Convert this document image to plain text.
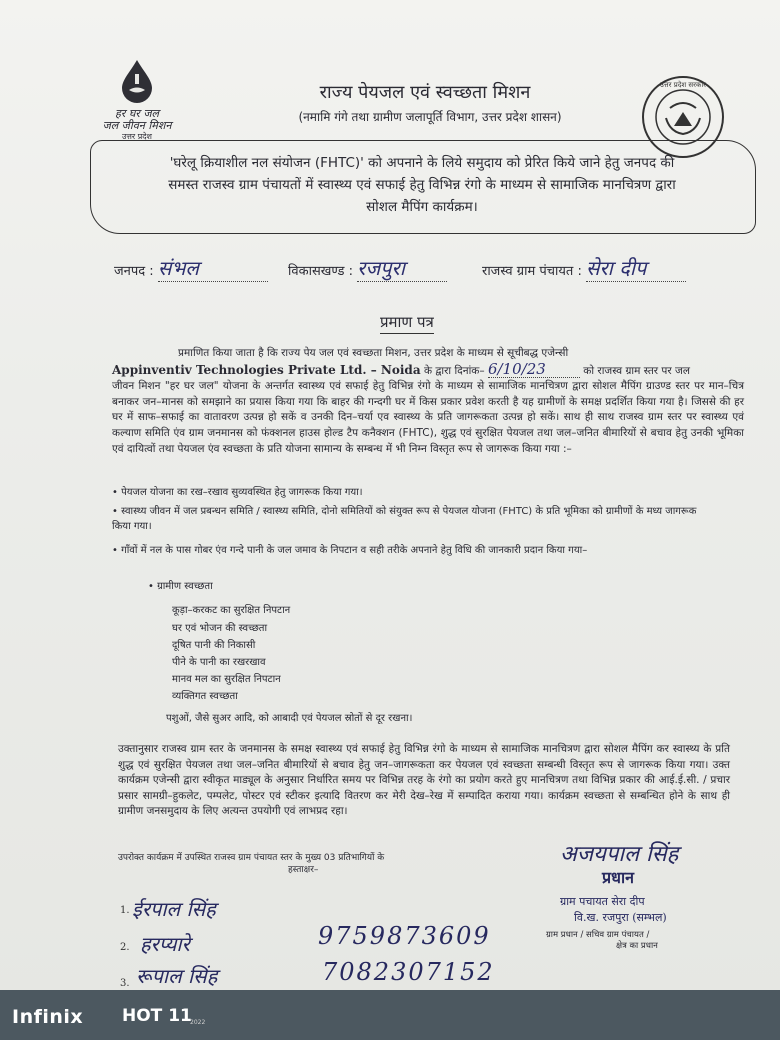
हर घर जल
जल जीवन मिशन
उत्तर प्रदेश
राज्य पेयजल एवं स्वच्छता मिशन
(नमामि गंगे तथा ग्रामीण जलापूर्ति विभाग, उत्तर प्रदेश शासन)
उत्तर प्रदेश सरकार
'घरेलू क्रियाशील नल संयोजन (FHTC)' को अपनाने के लिये समुदाय को प्रेरित किये जाने हेतु जनपद की
समस्त राजस्व ग्राम पंचायतों में स्वास्थ्य एवं सफाई हेतु विभिन्न रंगो के माध्यम से सामाजिक मानचित्रण द्वारा
सोशल मैपिंग कार्यक्रम।
जनपद : संभल	विकासखण्ड : रजपुरा	राजस्व ग्राम पंचायत : सेरा दीप
प्रमाण पत्र
प्रमाणित किया जाता है कि राज्य पेय जल एवं स्वच्छता मिशन, उत्तर प्रदेश के माध्यम से सूचीबद्ध एजेन्सी
Appinventiv Technologies Private Ltd. – Noida के द्वारा दिनांक– 6/10/23	को राजस्व ग्राम स्तर पर जल
जीवन मिशन "हर घर जल" योजना के अन्तर्गत स्वास्थ्य एवं सफाई हेतु विभिन्न रंगो के माध्यम से सामाजिक मानचित्रण द्वारा सोशल मैपिंग ग्राउण्ड स्तर पर मान–चित्र बनाकर जन–मानस को समझाने का प्रयास किया गया कि बाहर की गन्दगी घर में किस प्रकार प्रवेश करती है यह ग्रामीणों के समक्ष प्रदर्शित किया गया है। जिससे की हर घर में साफ–सफाई का वातावरण उत्पन्न हो सकें व उनकी दिन–चर्या एव स्वास्थ्य के प्रति जागरूकता उत्पन्न हो सकें। साथ ही साथ राजस्व ग्राम स्तर पर स्वास्थ्य एवं कल्याण समिति एंव ग्राम जनमानस को फंक्शनल हाउस होल्ड टैप कनैक्शन (FHTC), शुद्ध एवं सुरक्षित पेयजल तथा जल–जनित बीमारियों से बचाव हेतु उनकी भूमिका एवं दायित्वों तथा पेयजल एंव स्वच्छता के प्रति योजना सामान्य के सम्बन्ध में भी निम्न विस्तृत रूप से जागरूक किया गया :–
• पेयजल योजना का रख–रखाव सुव्यवस्थित हेतु जागरूक किया गया।
• स्वास्थ्य जीवन में जल प्रबन्धन समिति / स्वास्थ्य समिति, दोनो समितियों को संयुक्त रूप से पेयजल योजना (FHTC) के प्रति भूमिका को ग्रामीणों के मध्य जागरूक किया गया।
• गाँवों में नल के पास गोबर एंव गन्दे पानी के जल जमाव के निपटान व सही तरीके अपनाने हेतु विधि की जानकारी प्रदान किया गया–
• ग्रामीण स्वच्छता
कूड़ा–करकट का सुरक्षित निपटान
घर एवं भोजन की स्वच्छता
दूषित पानी की निकासी
पीने के पानी का रखरखाव
मानव मल का सुरक्षित निपटान
व्यक्तिगत स्वच्छता
पशुओं, जैसे सुअर आदि, को आबादी एवं पेयजल स्रोतों से दूर रखना।
उक्तानुसार राजस्व ग्राम स्तर के जनमानस के समक्ष स्वास्थ्य एवं सफाई हेतु विभिन्न रंगो के माध्यम से सामाजिक मानचित्रण द्वारा सोशल मैपिंग कर स्वास्थ्य के प्रति शुद्ध एवं सुरक्षित पेयजल तथा जल–जनित बीमारियों से बचाव हेतु जन–जागरूकता कर पेयजल एवं स्वच्छता सम्बन्धी विस्तृत रूप से जागरूक किया गया। उक्त कार्यक्रम एजेन्सी द्वारा स्वीकृत माड्यूल के अनुसार निर्धारित समय पर विभिन्न तरह के रंगो का प्रयोग करते हुए मानचित्रण तथा विभिन्न प्रकार की आई.ई.सी. / प्रचार प्रसार सामग्री–हुकलेट, पम्पलेट, पोस्टर एवं स्टीकर इत्यादि वितरण कर मेरी देख–रेख में सम्पादित कराया गया। कार्यक्रम स्वच्छता से सम्बन्धित होने के साथ ही ग्रामीण जनसमुदाय के लिए अत्यन्त उपयोगी एवं लाभप्रद रहा।
उपरोक्त कार्यक्रम में उपस्थित राजस्व ग्राम पंचायत स्तर के मुख्य 03 प्रतिभागियों के
हस्ताक्षर–
1. ईरपाल सिंह
2. हरप्यारे
3. रूपाल सिंह
9759873609
7082307152
अजयपाल सिंह
प्रधान
ग्राम पचायत सेरा दीप
वि.ख. रजपुरा (सम्भल)
ग्राम प्रधान / सचिव ग्राम पंचायत /
क्षेत्र का प्रधान
Infinix HOT 11
2022
